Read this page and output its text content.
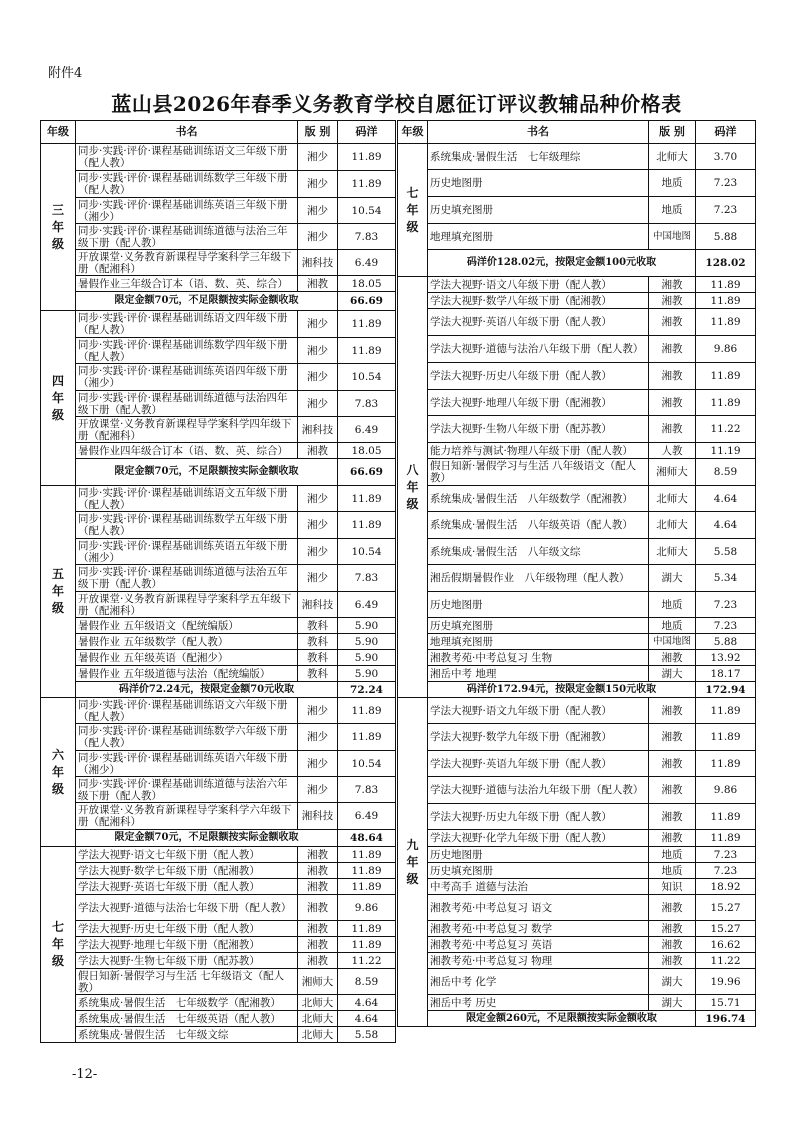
附件4
蓝山县2026年春季义务教育学校自愿征订评议教辅品种价格表
年级	书名	版 别	码洋
三年级	同步·实践·评价·课程基础训练语文三年级下册（配人教）	湘少	11.89
	同步·实践·评价·课程基础训练数学三年级下册（配人教）	湘少	11.89
	同步·实践·评价·课程基础训练英语三年级下册（湘少）	湘少	10.54
	同步·实践·评价·课程基础训练道德与法治三年级下册（配人教）	湘少	7.83
	开放课堂·义务教育新课程导学案科学三年级下册（配湘科）	湘科技	6.49
	暑假作业三年级合订本（语、数、英、综合）	湘教	18.05
	限定金额70元，不足限额按实际金额收取		66.69
四年级	同步·实践·评价·课程基础训练语文四年级下册（配人教）	湘少	11.89
	同步·实践·评价·课程基础训练数学四年级下册（配人教）	湘少	11.89
	同步·实践·评价·课程基础训练英语四年级下册（湘少）	湘少	10.54
	同步·实践·评价·课程基础训练道德与法治四年级下册（配人教）	湘少	7.83
	开放课堂·义务教育新课程导学案科学四年级下册（配湘科）	湘科技	6.49
	暑假作业四年级合订本（语、数、英、综合）	湘教	18.05
	限定金额70元，不足限额按实际金额收取		66.69
五年级	同步·实践·评价·课程基础训练语文五年级下册（配人教）	湘少	11.89
	同步·实践·评价·课程基础训练数学五年级下册（配人教）	湘少	11.89
	同步·实践·评价·课程基础训练英语五年级下册（湘少）	湘少	10.54
	同步·实践·评价·课程基础训练道德与法治五年级下册（配人教）	湘少	7.83
	开放课堂·义务教育新课程导学案科学五年级下册（配湘科）	湘科技	6.49
	暑假作业 五年级语文（配统编版）	教科	5.90
	暑假作业 五年级数学（配人教）	教科	5.90
	暑假作业 五年级英语（配湘少）	教科	5.90
	暑假作业 五年级道德与法治（配统编版）	教科	5.90
	码洋价72.24元，按限定金额70元收取		72.24
六年级	同步·实践·评价·课程基础训练语文六年级下册（配人教）	湘少	11.89
	同步·实践·评价·课程基础训练数学六年级下册（配人教）	湘少	11.89
	同步·实践·评价·课程基础训练英语六年级下册（湘少）	湘少	10.54
	同步·实践·评价·课程基础训练道德与法治六年级下册（配人教）	湘少	7.83
	开放课堂·义务教育新课程导学案科学六年级下册（配湘科）	湘科技	6.49
	限定金额70元，不足限额按实际金额收取		48.64
七年级	学法大视野·语文七年级下册（配人教）	湘教	11.89
	学法大视野·数学七年级下册（配湘教）	湘教	11.89
	学法大视野·英语七年级下册（配人教）	湘教	11.89
	学法大视野·道德与法治七年级下册（配人教）	湘教	9.86
	学法大视野·历史七年级下册（配人教）	湘教	11.89
	学法大视野·地理七年级下册（配湘教）	湘教	11.89
	学法大视野·生物七年级下册（配苏教）	湘教	11.22
	假日知新·暑假学习与生活 七年级语文（配人教）	湘师大	8.59
	系统集成·暑假生活　七年级数学（配湘教）	北师大	4.64
	系统集成·暑假生活　七年级英语（配人教）	北师大	4.64
	系统集成·暑假生活　七年级文综	北师大	5.58
年级	书名	版 别	码洋
七年级	系统集成·暑假生活　七年级理综	北师大	3.70
	历史地图册	地质	7.23
	历史填充图册	地质	7.23
	地理填充图册	中国地图	5.88
	码洋价128.02元，按限定金额100元收取		128.02
八年级	学法大视野·语文八年级下册（配人教）	湘教	11.89
	学法大视野·数学八年级下册（配湘教）	湘教	11.89
	学法大视野·英语八年级下册（配人教）	湘教	11.89
	学法大视野·道德与法治八年级下册（配人教）	湘教	9.86
	学法大视野·历史八年级下册（配人教）	湘教	11.89
	学法大视野·地理八年级下册（配湘教）	湘教	11.89
	学法大视野·生物八年级下册（配苏教）	湘教	11.22
	能力培养与测试·物理八年级下册（配人教）	人教	11.19
	假日知新·暑假学习与生活 八年级语文（配人教）	湘师大	8.59
	系统集成·暑假生活　八年级数学（配湘教）	北师大	4.64
	系统集成·暑假生活　八年级英语（配人教）	北师大	4.64
	系统集成·暑假生活　八年级文综	北师大	5.58
	湘岳假期暑假作业　八年级物理（配人教）	湖大	5.34
	历史地图册	地质	7.23
	历史填充图册	地质	7.23
	地理填充图册	中国地图	5.88
	湘教考苑·中考总复习 生物	湘教	13.92
	湘岳中考 地理	湖大	18.17
	码洋价172.94元，按限定金额150元收取		172.94
九年级	学法大视野·语文九年级下册（配人教）	湘教	11.89
	学法大视野·数学九年级下册（配湘教）	湘教	11.89
	学法大视野·英语九年级下册（配人教）	湘教	11.89
	学法大视野·道德与法治九年级下册（配人教）	湘教	9.86
	学法大视野·历史九年级下册（配人教）	湘教	11.89
	学法大视野·化学九年级下册（配人教）	湘教	11.89
	历史地图册	地质	7.23
	历史填充图册	地质	7.23
	中考高手 道德与法治	知识	18.92
	湘教考苑·中考总复习 语文	湘教	15.27
	湘教考苑·中考总复习 数学	湘教	15.27
	湘教考苑·中考总复习 英语	湘教	16.62
	湘教考苑·中考总复习 物理	湘教	11.22
	湘岳中考 化学	湖大	19.96
	湘岳中考 历史	湖大	15.71
	限定金额260元，不足限额按实际金额收取		196.74
-12-
